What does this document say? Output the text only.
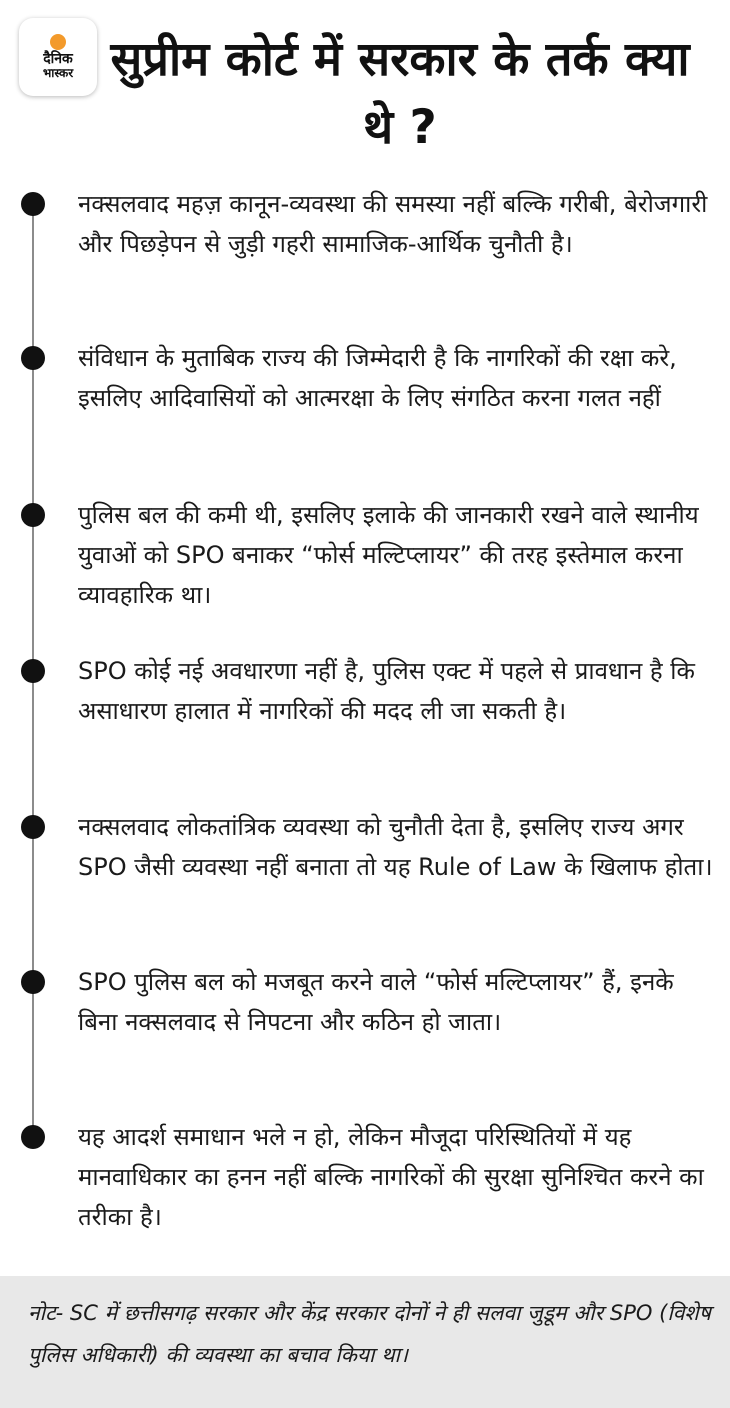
दैनिक
भास्कर सुप्रीम कोर्ट में सरकार के तर्क क्या थे ?
नक्सलवाद महज़ कानून-व्यवस्था की समस्या नहीं बल्कि गरीबी, बेरोजगारी और पिछड़ेपन से जुड़ी गहरी सामाजिक-आर्थिक चुनौती है।
संविधान के मुताबिक राज्य की जिम्मेदारी है कि नागरिकों की रक्षा करे, इसलिए आदिवासियों को आत्मरक्षा के लिए संगठित करना गलत नहीं
पुलिस बल की कमी थी, इसलिए इलाके की जानकारी रखने वाले स्थानीय युवाओं को SPO बनाकर “फोर्स मल्टिप्लायर” की तरह इस्तेमाल करना व्यावहारिक था।
SPO कोई नई अवधारणा नहीं है, पुलिस एक्ट में पहले से प्रावधान है कि असाधारण हालात में नागरिकों की मदद ली जा सकती है।
नक्सलवाद लोकतांत्रिक व्यवस्था को चुनौती देता है, इसलिए राज्य अगर SPO जैसी व्यवस्था नहीं बनाता तो यह Rule of Law के खिलाफ होता।
SPO पुलिस बल को मजबूत करने वाले “फोर्स मल्टिप्लायर” हैं, इनके बिना नक्सलवाद से निपटना और कठिन हो जाता।
यह आदर्श समाधान भले न हो, लेकिन मौजूदा परिस्थितियों में यह मानवाधिकार का हनन नहीं बल्कि नागरिकों की सुरक्षा सुनिश्चित करने का तरीका है।
नोट- SC में छत्तीसगढ़ सरकार और केंद्र सरकार दोनों ने ही सलवा जुडूम और SPO (विशेष पुलिस अधिकारी) की व्यवस्था का बचाव किया था।
